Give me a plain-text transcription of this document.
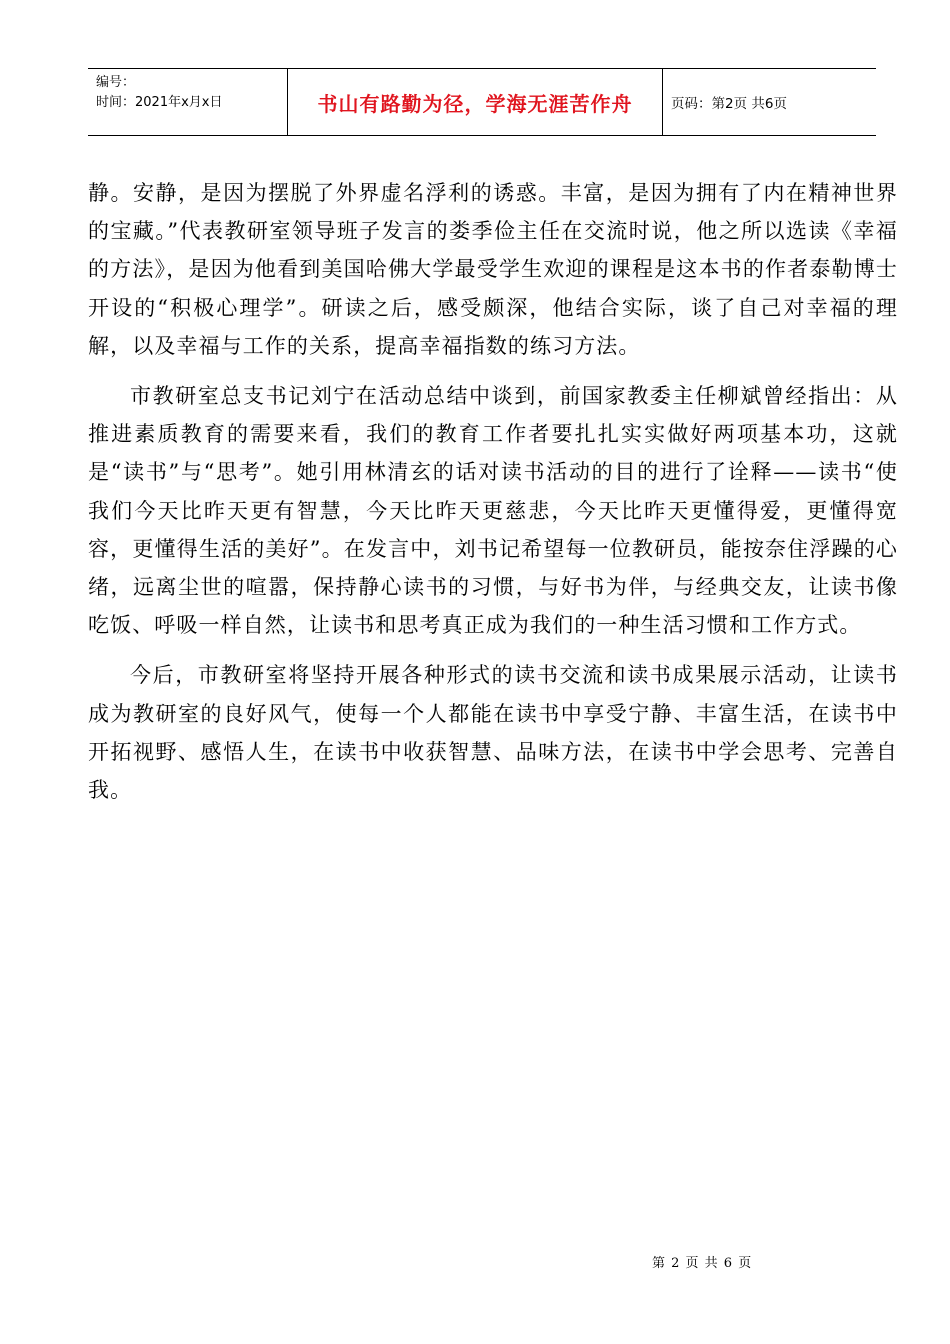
编号：
时间：2021年x月x日	书山有路勤为径，学海无涯苦作舟	页码：第2页 共6页

静。安静，是因为摆脱了外界虚名浮利的诱惑。丰富，是因为拥有了内在精神世界的宝藏。”代表教研室领导班子发言的娄季俭主任在交流时说，他之所以选读《幸福的方法》，是因为他看到美国哈佛大学最受学生欢迎的课程是这本书的作者泰勒博士开设的“积极心理学”。研读之后，感受颇深，他结合实际，谈了自己对幸福的理解，以及幸福与工作的关系，提高幸福指数的练习方法。

市教研室总支书记刘宁在活动总结中谈到，前国家教委主任柳斌曾经指出：从推进素质教育的需要来看，我们的教育工作者要扎扎实实做好两项基本功，这就是“读书”与“思考”。她引用林清玄的话对读书活动的目的进行了诠释——读书“使我们今天比昨天更有智慧，今天比昨天更慈悲，今天比昨天更懂得爱，更懂得宽容，更懂得生活的美好”。在发言中，刘书记希望每一位教研员，能按奈住浮躁的心绪，远离尘世的喧嚣，保持静心读书的习惯，与好书为伴，与经典交友，让读书像吃饭、呼吸一样自然，让读书和思考真正成为我们的一种生活习惯和工作方式。

今后，市教研室将坚持开展各种形式的读书交流和读书成果展示活动，让读书成为教研室的良好风气，使每一个人都能在读书中享受宁静、丰富生活，在读书中开拓视野、感悟人生，在读书中收获智慧、品味方法，在读书中学会思考、完善自我。

第 2 页 共 6 页
